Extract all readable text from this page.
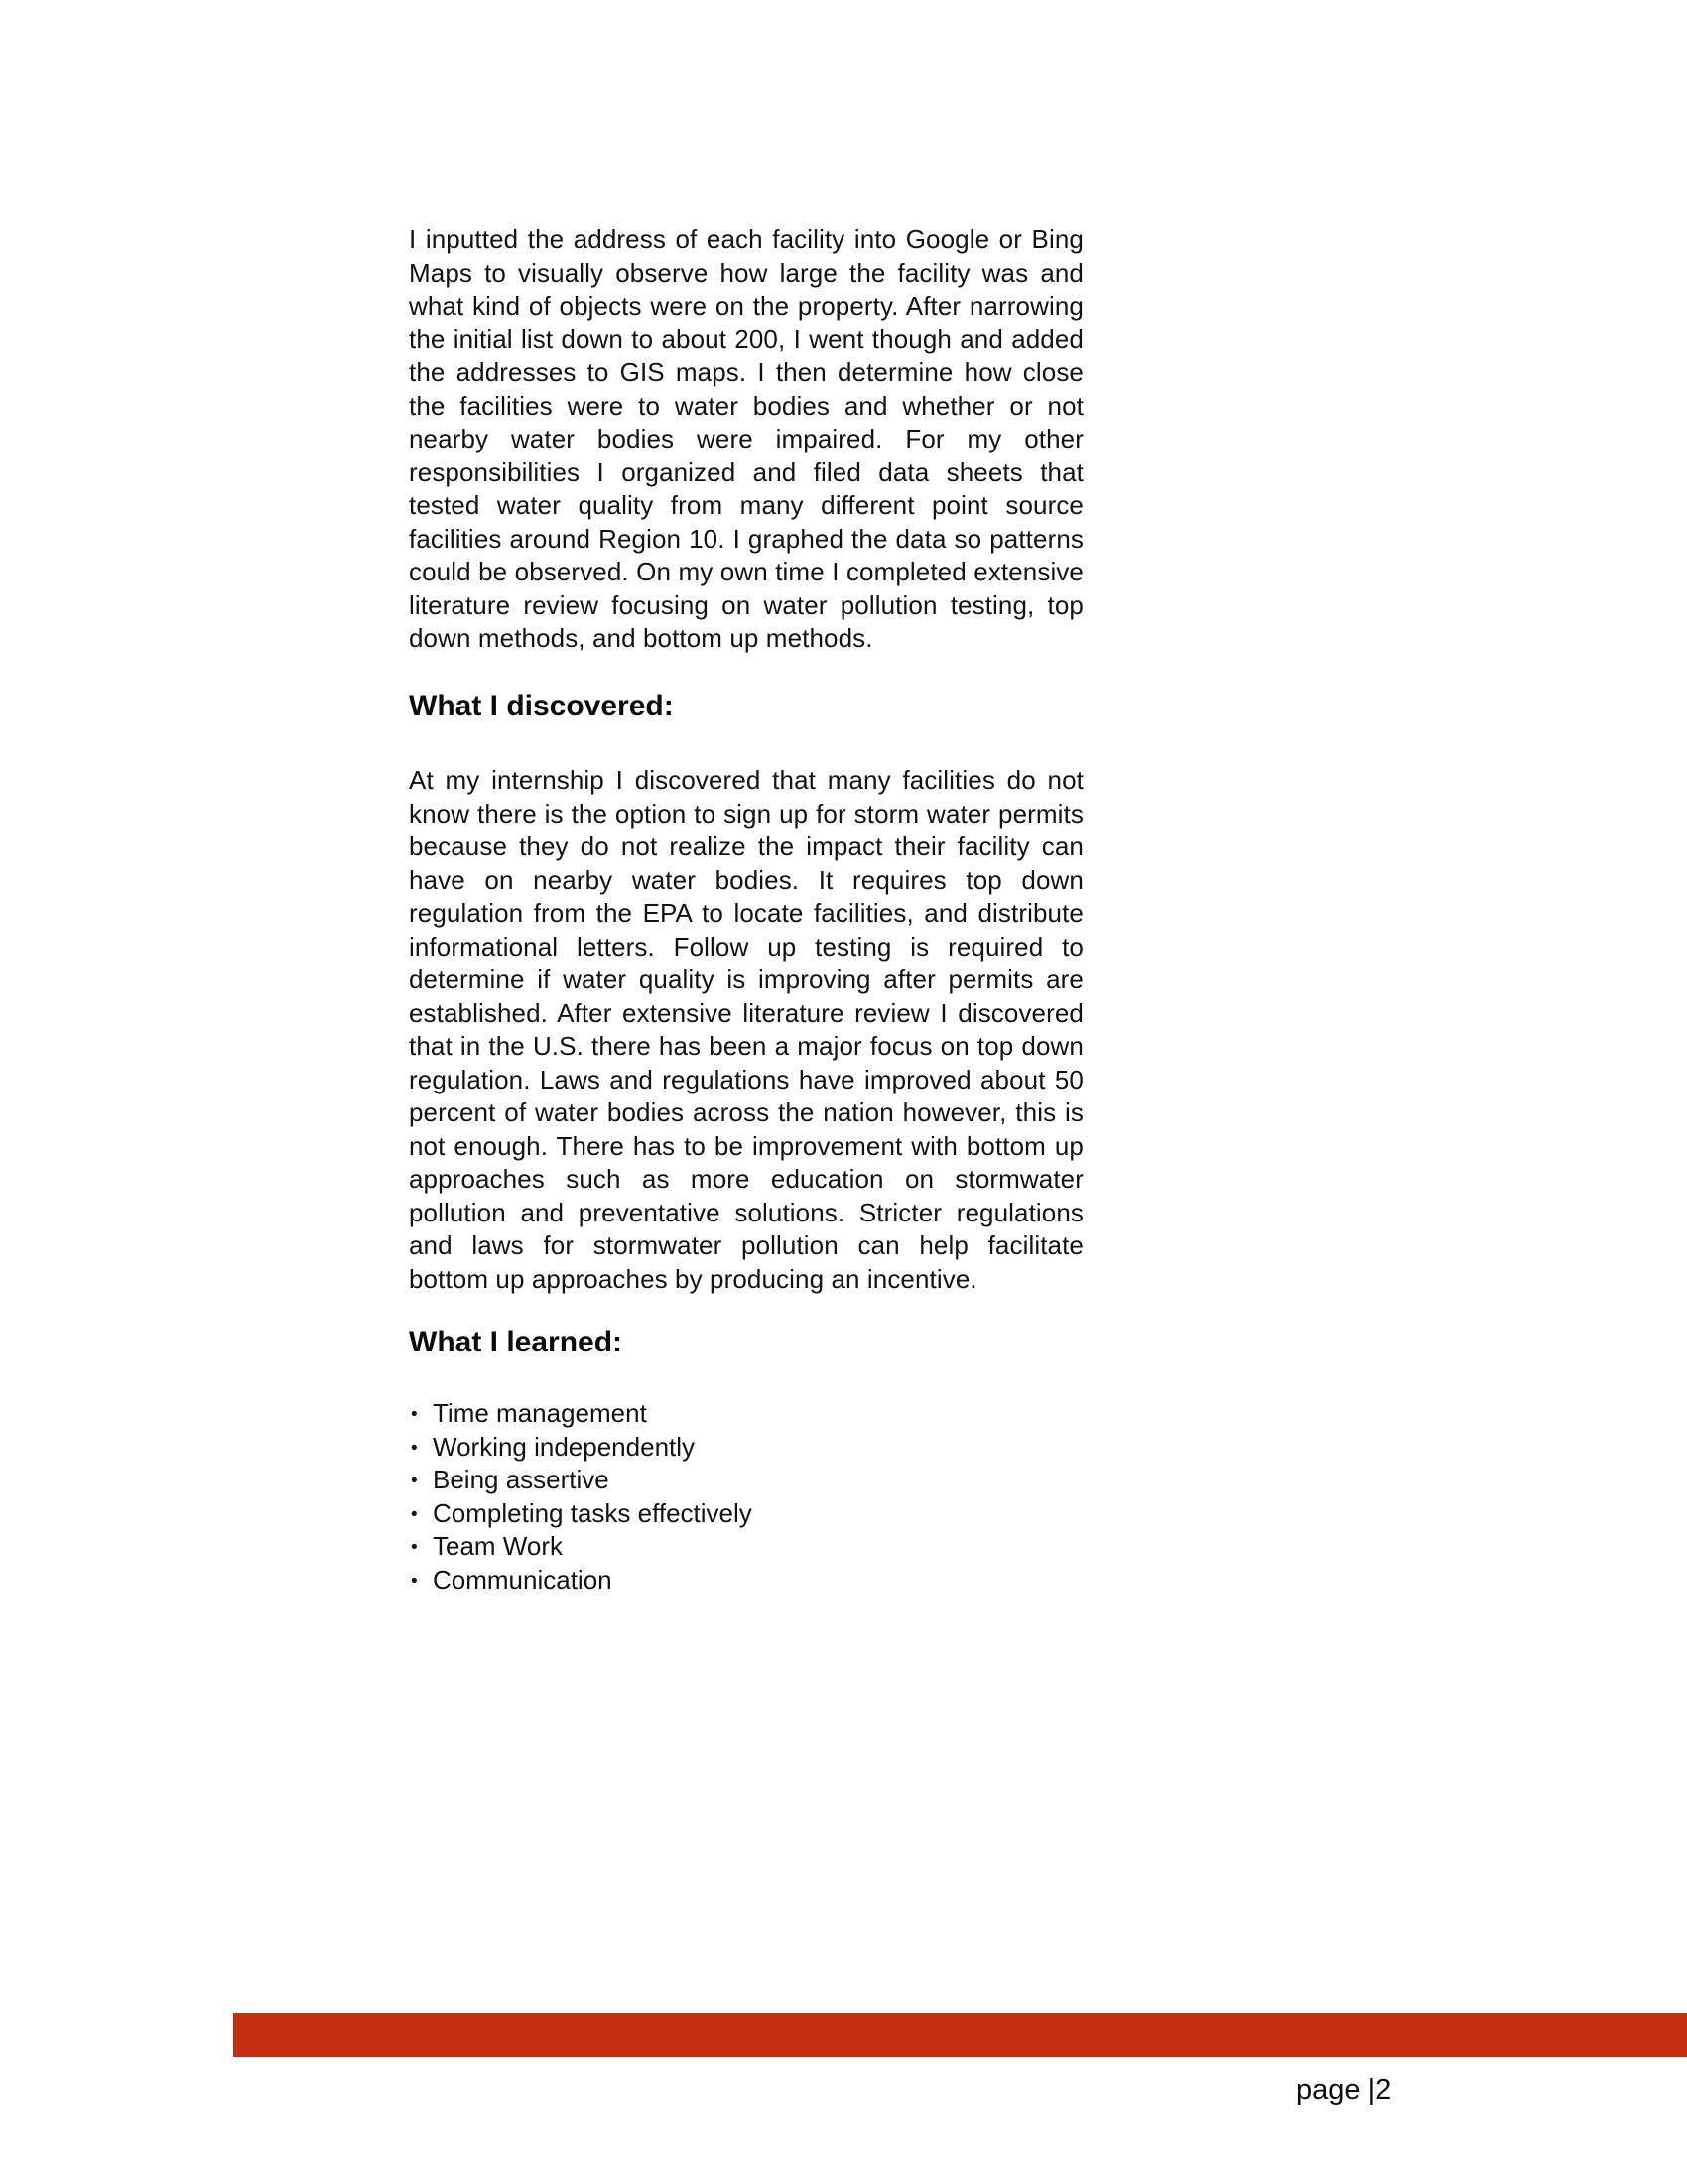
I inputted the address of each facility into Google or Bing Maps to visually observe how large the facility was and what kind of objects were on the property. After narrowing the initial list down to about 200, I went though and added the addresses to GIS maps. I then determine how close the facilities were to water bodies and whether or not nearby water bodies were impaired. For my other responsibilities I organized and filed data sheets that tested water quality from many different point source facilities around Region 10. I graphed the data so patterns could be observed. On my own time I completed extensive literature review focusing on water pollution testing, top down methods, and bottom up methods.

What I discovered:

At my internship I discovered that many facilities do not know there is the option to sign up for storm water permits because they do not realize the impact their facility can have on nearby water bodies. It requires top down regulation from the EPA to locate facilities, and distribute informational letters. Follow up testing is required to determine if water quality is improving after permits are established. After extensive literature review I discovered that in the U.S. there has been a major focus on top down regulation. Laws and regulations have improved about 50 percent of water bodies across the nation however, this is not enough. There has to be improvement with bottom up approaches such as more education on stormwater pollution and preventative solutions. Stricter regulations and laws for stormwater pollution can help facilitate bottom up approaches by producing an incentive.

What I learned:
• Time management
• Working independently
• Being assertive
• Completing tasks effectively
• Team Work
• Communication
page |2
